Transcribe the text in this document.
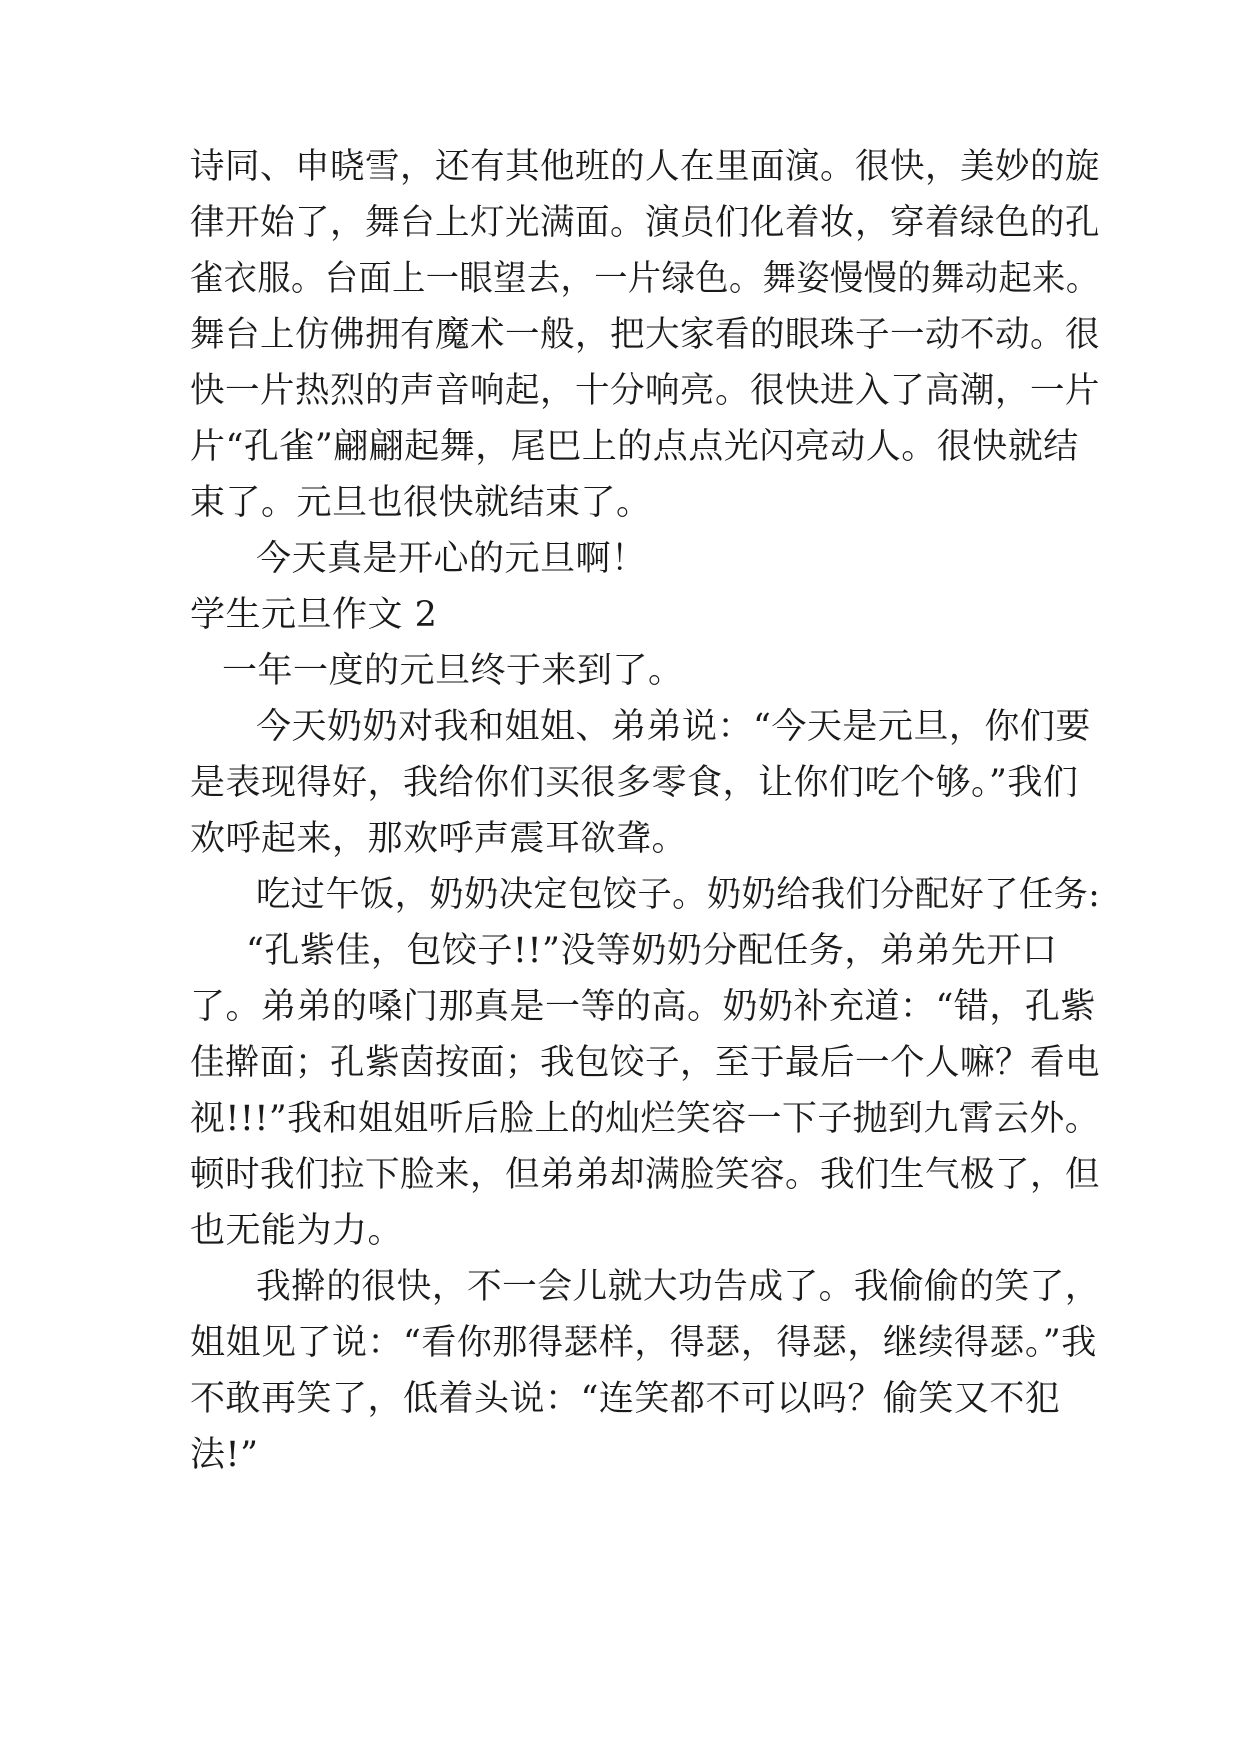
诗同、申晓雪，还有其他班的人在里面演。很快，美妙的旋
律开始了，舞台上灯光满面。演员们化着妆，穿着绿色的孔
雀衣服。台面上一眼望去，一片绿色。舞姿慢慢的舞动起来。
舞台上仿佛拥有魔术一般，把大家看的眼珠子一动不动。很
快一片热烈的声音响起，十分响亮。很快进入了高潮，一片
片“孔雀”翩翩起舞，尾巴上的点点光闪亮动人。很快就结
束了。元旦也很快就结束了。
今天真是开心的元旦啊！
学生元旦作文 2
一年一度的元旦终于来到了。
今天奶奶对我和姐姐、弟弟说：“今天是元旦，你们要
是表现得好，我给你们买很多零食，让你们吃个够。”我们
欢呼起来，那欢呼声震耳欲聋。
吃过午饭，奶奶决定包饺子。奶奶给我们分配好了任务:
“孔紫佳，包饺子!!”没等奶奶分配任务，弟弟先开口
了。弟弟的嗓门那真是一等的高。奶奶补充道：“错，孔紫
佳擀面；孔紫茵按面；我包饺子，至于最后一个人嘛？看电
视!!!”我和姐姐听后脸上的灿烂笑容一下子抛到九霄云外。
顿时我们拉下脸来，但弟弟却满脸笑容。我们生气极了，但
也无能为力。
我擀的很快，不一会儿就大功告成了。我偷偷的笑了，
姐姐见了说：“看你那得瑟样，得瑟，得瑟，继续得瑟。”我
不敢再笑了，低着头说：“连笑都不可以吗？偷笑又不犯
法!”
